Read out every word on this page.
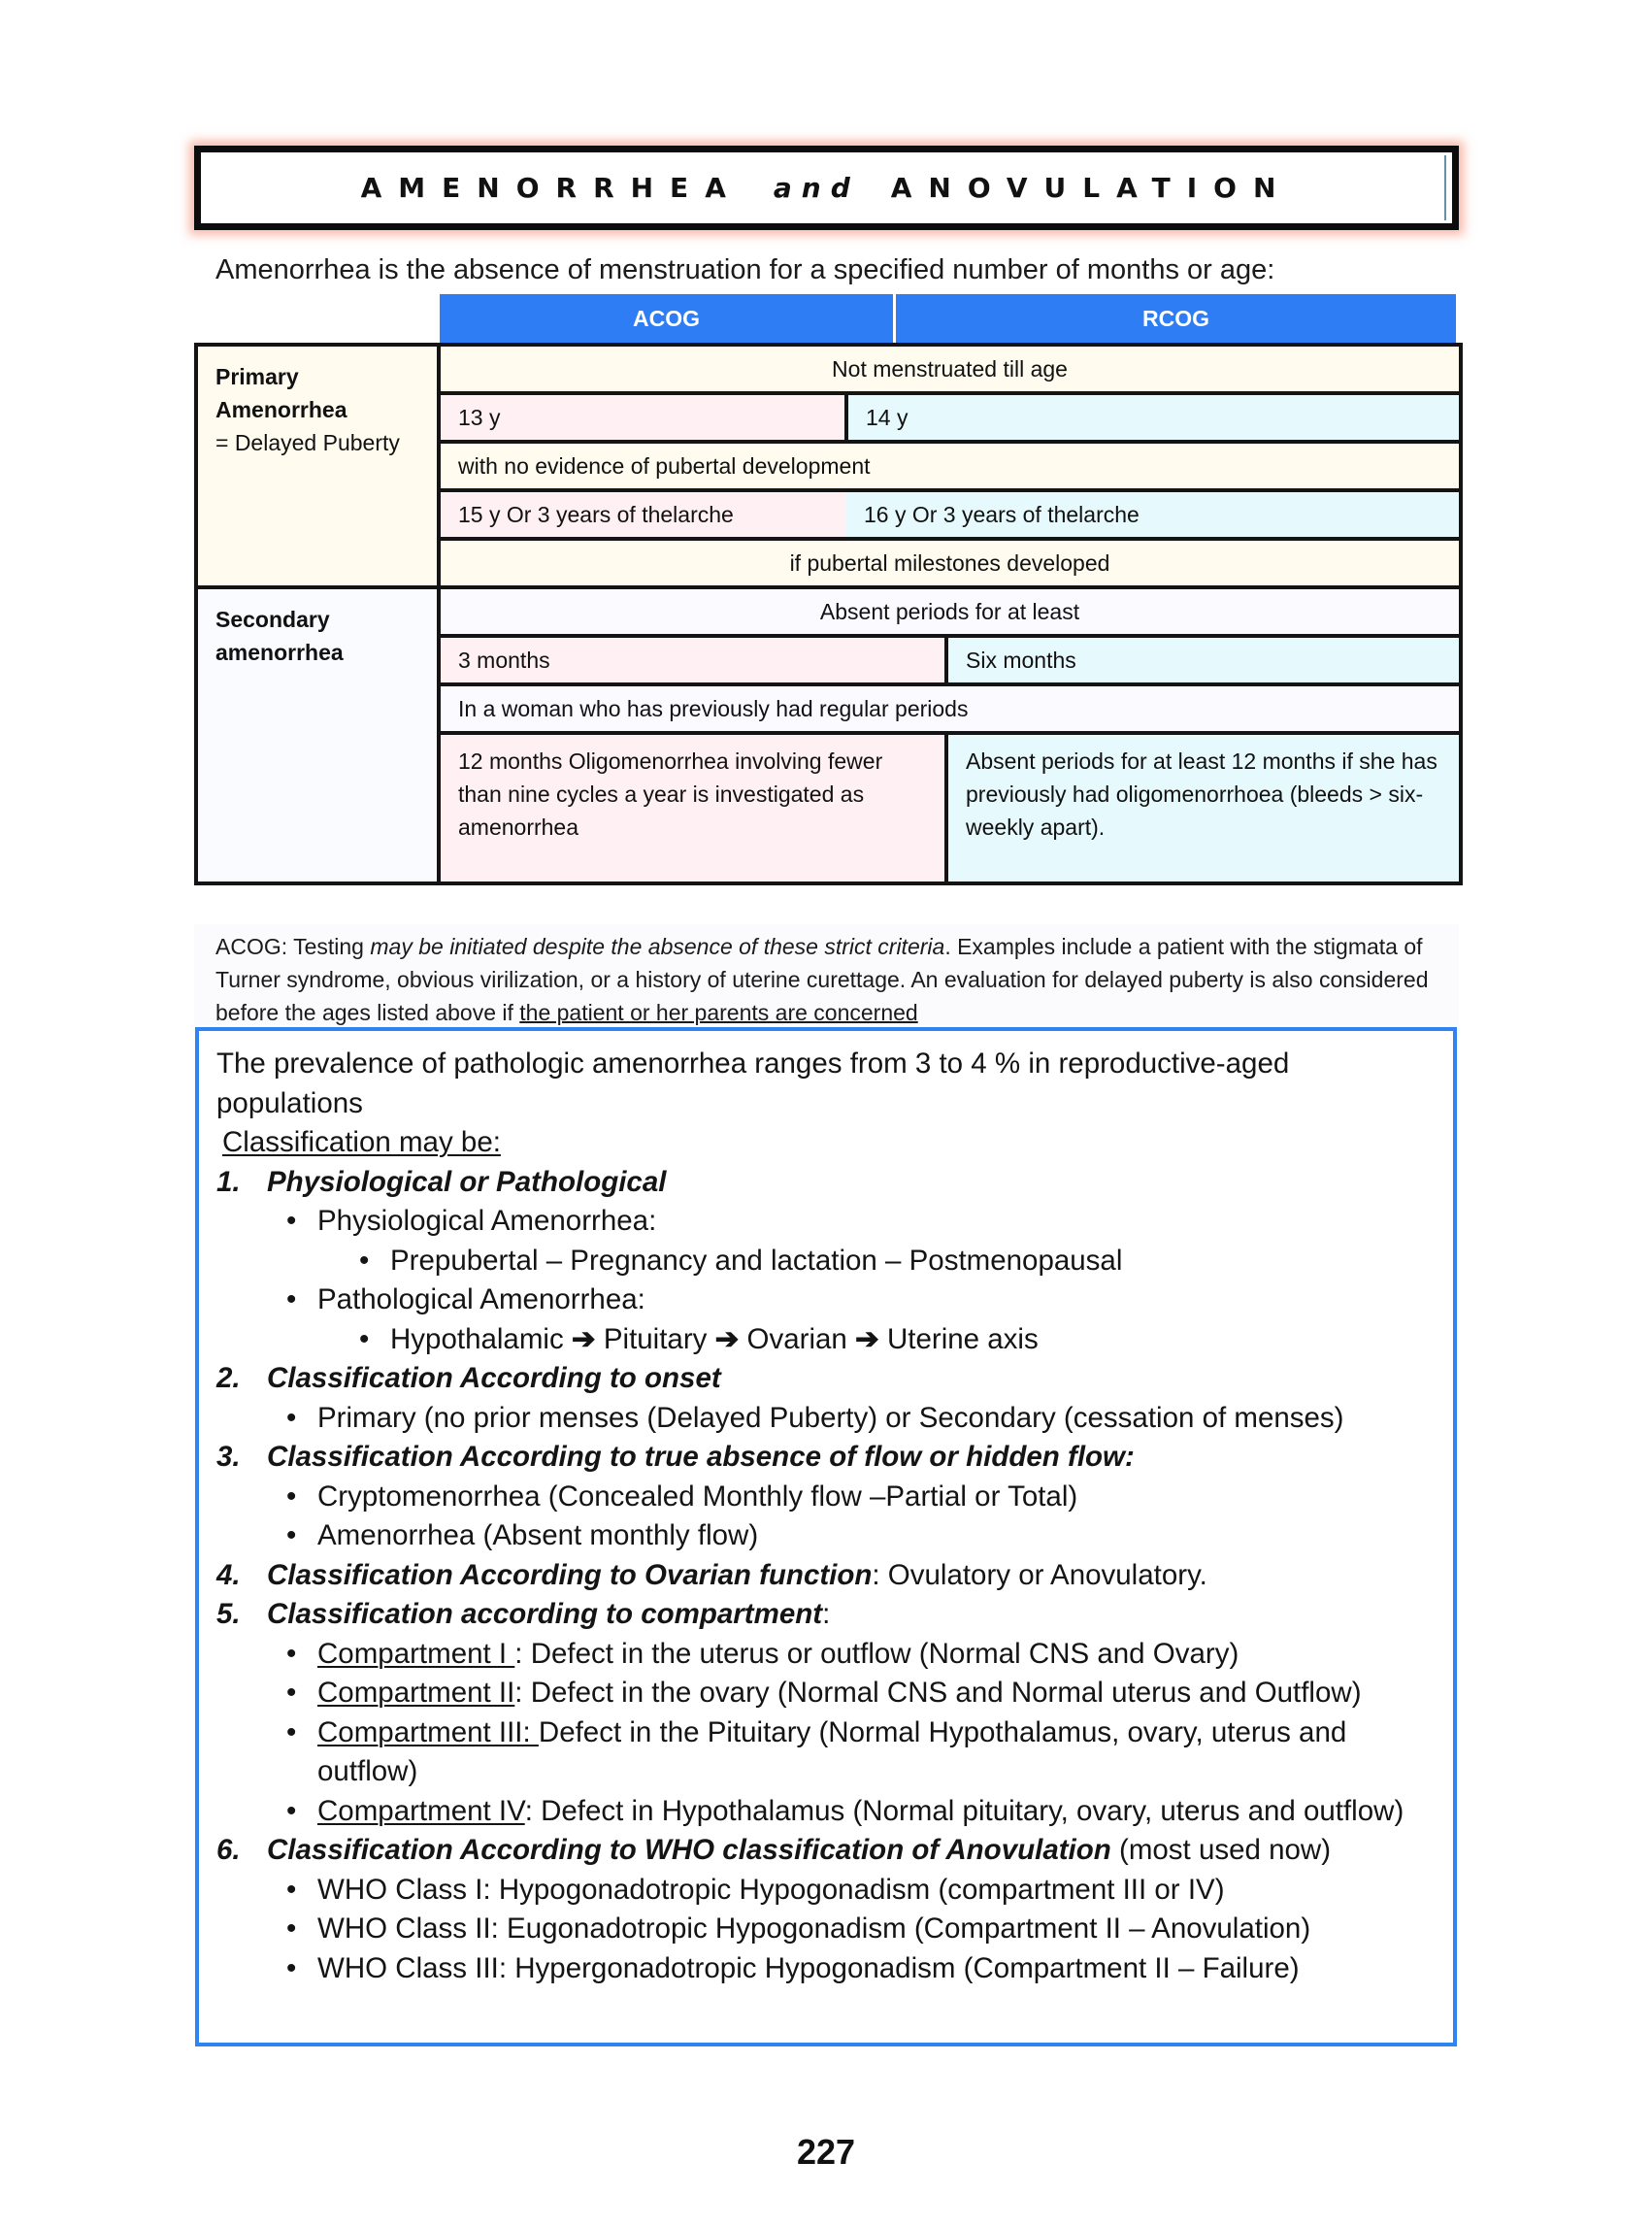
AMENORRHEA and ANOVULATION
Amenorrhea is the absence of menstruation for a specified number of months or age:
ACOG	RCOG
Primary
Amenorrhea
= Delayed Puberty	Not menstruated till age		
	13 y	14 y	
	with no evidence of pubertal development		
	15 y Or 3 years of thelarche	16 y Or 3 years of thelarche	
	if pubertal milestones developed		
Secondary
amenorrhea	Absent periods for at least		
	3 months		Six months
	In a woman who has previously had regular periods		
	12 months Oligomenorrhea involving fewer than nine cycles a year is investigated as amenorrhea		Absent periods for at least 12 months if she has previously had oligomenorrhoea (bleeds > six-weekly apart).
ACOG: Testing may be initiated despite the absence of these strict criteria. Examples include a patient with the stigmata of Turner syndrome, obvious virilization, or a history of uterine curettage. An evaluation for delayed puberty is also considered before the ages listed above if the patient or her parents are concerned

The prevalence of pathologic amenorrhea ranges from 3 to 4 % in reproductive-aged populations

Classification may be:

1. Physiological or Pathological
• Physiological Amenorrhea:
• Prepubertal – Pregnancy and lactation – Postmenopausal
• Pathological Amenorrhea:
• Hypothalamic ➔ Pituitary ➔ Ovarian ➔ Uterine axis
2. Classification According to onset
• Primary (no prior menses (Delayed Puberty) or Secondary (cessation of menses)
3. Classification According to true absence of flow or hidden flow:
• Cryptomenorrhea (Concealed Monthly flow –Partial or Total)
• Amenorrhea (Absent monthly flow)
4. Classification According to Ovarian function: Ovulatory or Anovulatory.
5. Classification according to compartment:
• Compartment I : Defect in the uterus or outflow (Normal CNS and Ovary)
• Compartment II: Defect in the ovary (Normal CNS and Normal uterus and Outflow)
• Compartment III: Defect in the Pituitary (Normal Hypothalamus, ovary, uterus and outflow)
• Compartment IV: Defect in Hypothalamus (Normal pituitary, ovary, uterus and outflow)
6. Classification According to WHO classification of Anovulation (most used now)
• WHO Class I: Hypogonadotropic Hypogonadism (compartment III or IV)
• WHO Class II: Eugonadotropic Hypogonadism (Compartment II – Anovulation)
• WHO Class III: Hypergonadotropic Hypogonadism (Compartment II – Failure)
227
